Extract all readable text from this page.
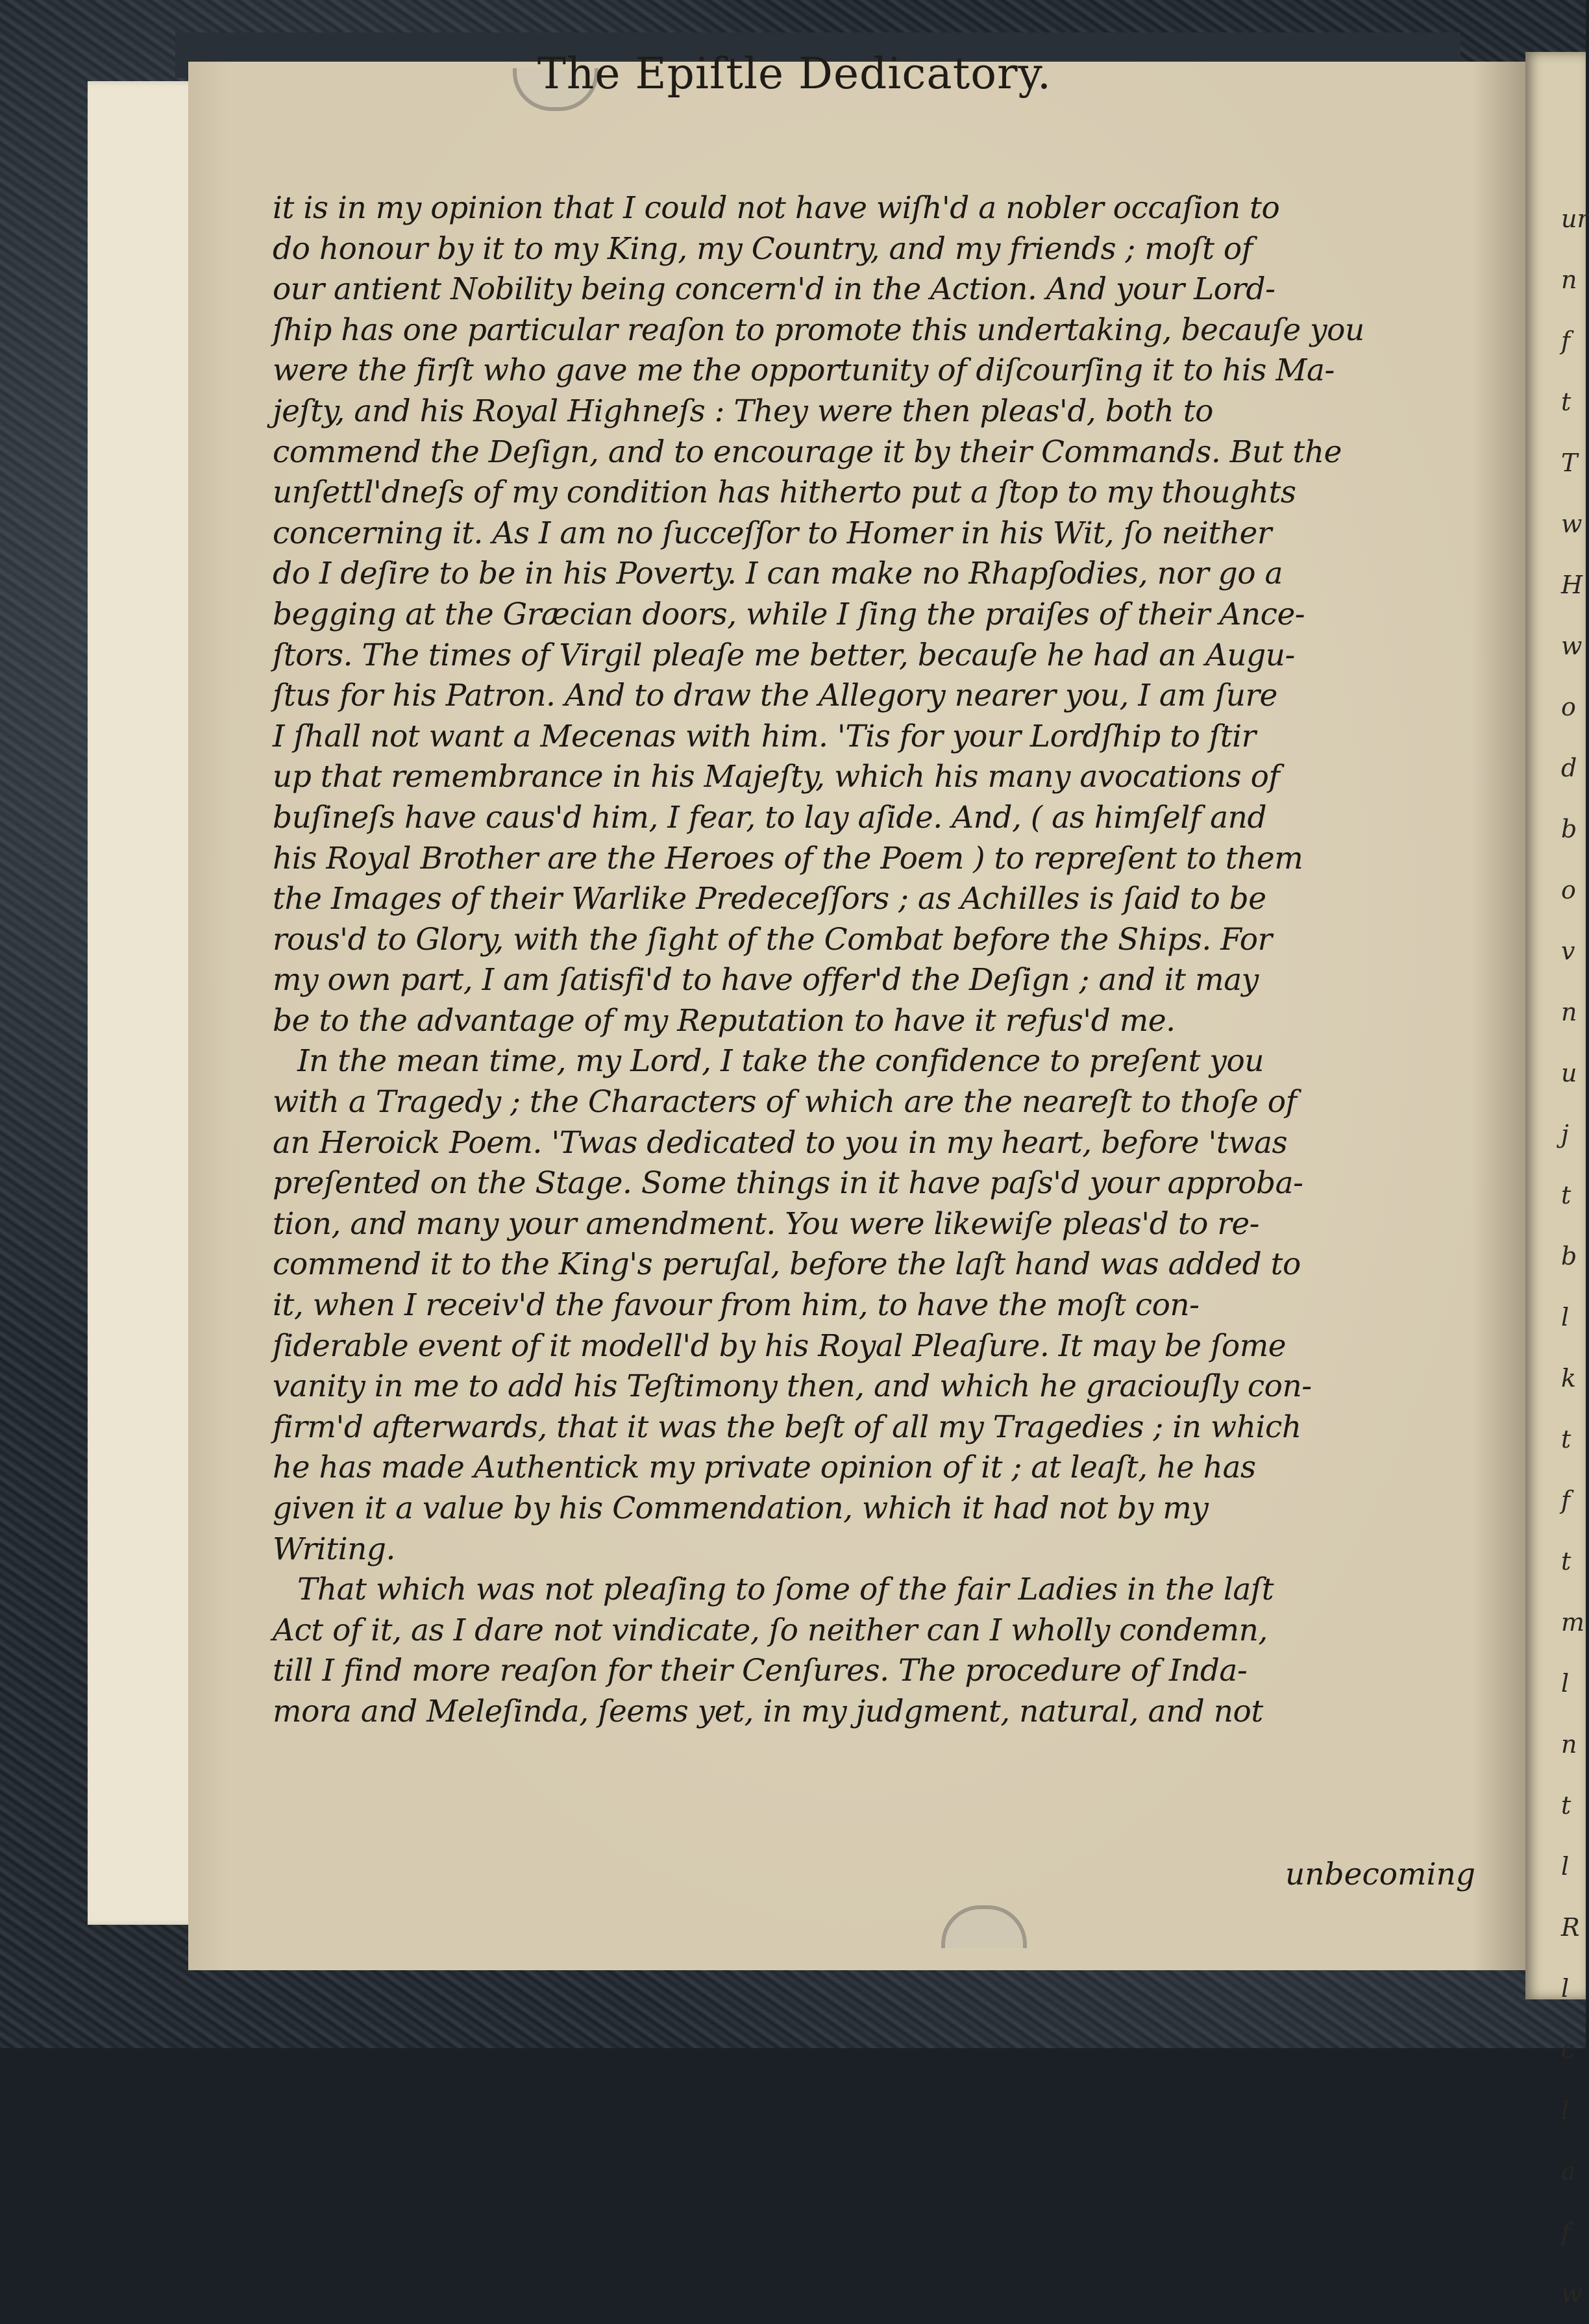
ur
n
f
t
T
w
H
w
o
d
b
o
v
n
u
j
t
b
l
k
t
f
t
m
l
n
t
l
R
l
c
l
a
f
w
The Epiſtle Dedicatory.
it is in my opinion that I could not have wiſh'd a nobler occaſion to
do honour by it to my King, my Country, and my friends ; moſt of
our antient Nobility being concern'd in the Action. And your Lord-
ſhip has one particular reaſon to promote this undertaking, becauſe you
were the firſt who gave me the opportunity of diſcourſing it to his Ma-
jeſty, and his Royal Highneſs : They were then pleas'd, both to
commend the Deſign, and to encourage it by their Commands. But the
unſettl'dneſs of my condition has hitherto put a ſtop to my thoughts
concerning it. As I am no ſucceſſor to Homer in his Wit, ſo neither
do I deſire to be in his Poverty. I can make no Rhapſodies, nor go a
begging at the Græcian doors, while I ſing the praiſes of their Ance-
ſtors. The times of Virgil pleaſe me better, becauſe he had an Augu-
ſtus for his Patron. And to draw the Allegory nearer you, I am ſure
I ſhall not want a Mecenas with him. 'Tis for your Lordſhip to ſtir
up that remembrance in his Majeſty, which his many avocations of
buſineſs have caus'd him, I fear, to lay aſide. And, ( as himſelf and
his Royal Brother are the Heroes of the Poem ) to repreſent to them
the Images of their Warlike Predeceſſors ; as Achilles is ſaid to be
rous'd to Glory, with the ſight of the Combat before the Ships. For
my own part, I am ſatisfi'd to have offer'd the Deſign ; and it may
be to the advantage of my Reputation to have it refus'd me.
In the mean time, my Lord, I take the confidence to preſent you
with a Tragedy ; the Characters of which are the neareſt to thoſe of
an Heroick Poem. 'Twas dedicated to you in my heart, before 'twas
preſented on the Stage. Some things in it have paſs'd your approba-
tion, and many your amendment. You were likewiſe pleas'd to re-
commend it to the King's peruſal, before the laſt hand was added to
it, when I receiv'd the favour from him, to have the moſt con-
ſiderable event of it modell'd by his Royal Pleaſure. It may be ſome
vanity in me to add his Teſtimony then, and which he graciouſly con-
firm'd afterwards, that it was the beſt of all my Tragedies ; in which
he has made Authentick my private opinion of it ; at leaſt, he has
given it a value by his Commendation, which it had not by my
Writing.
That which was not pleaſing to ſome of the fair Ladies in the laſt
Act of it, as I dare not vindicate, ſo neither can I wholly condemn,
till I find more reaſon for their Cenſures. The procedure of Inda-
mora and Meleſinda, ſeems yet, in my judgment, natural, and not
unbecoming
